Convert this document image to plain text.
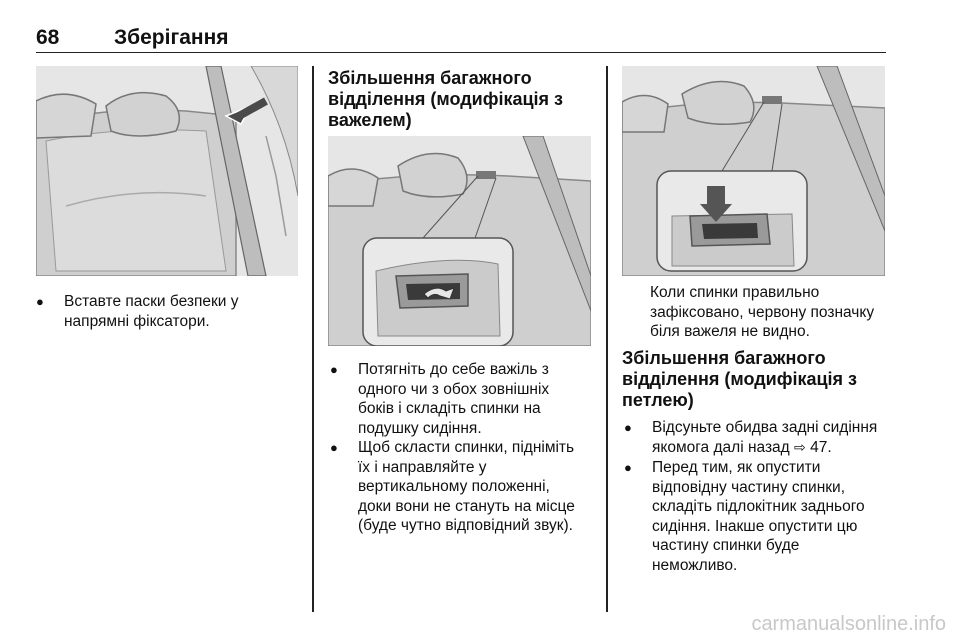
68	Зберігання
● Вставте паски безпеки у
напрямні фіксатори.
Збільшення багажного
відділення (модифікація з
важелем)
● Потягніть до себе важіль з
одного чи з обох зовнішніх
боків і складіть спинки на
подушку сидіння.
● Щоб скласти спинки, підніміть
їх і направляйте у
вертикальному положенні,
доки вони не стануть на місце
(буде чутно відповідний звук).
Коли спинки правильно
зафіксовано, червону позначку
біля важеля не видно.
Збільшення багажного
відділення (модифікація з
петлею)
● Відсуньте обидва задні сидіння
якомога далі назад ⇨ 47.
● Перед тим, як опустити
відповідну частину спинки,
складіть підлокітник заднього
сидіння. Інакше опустити цю
частину спинки буде
неможливо.
carmanualsonline.info
